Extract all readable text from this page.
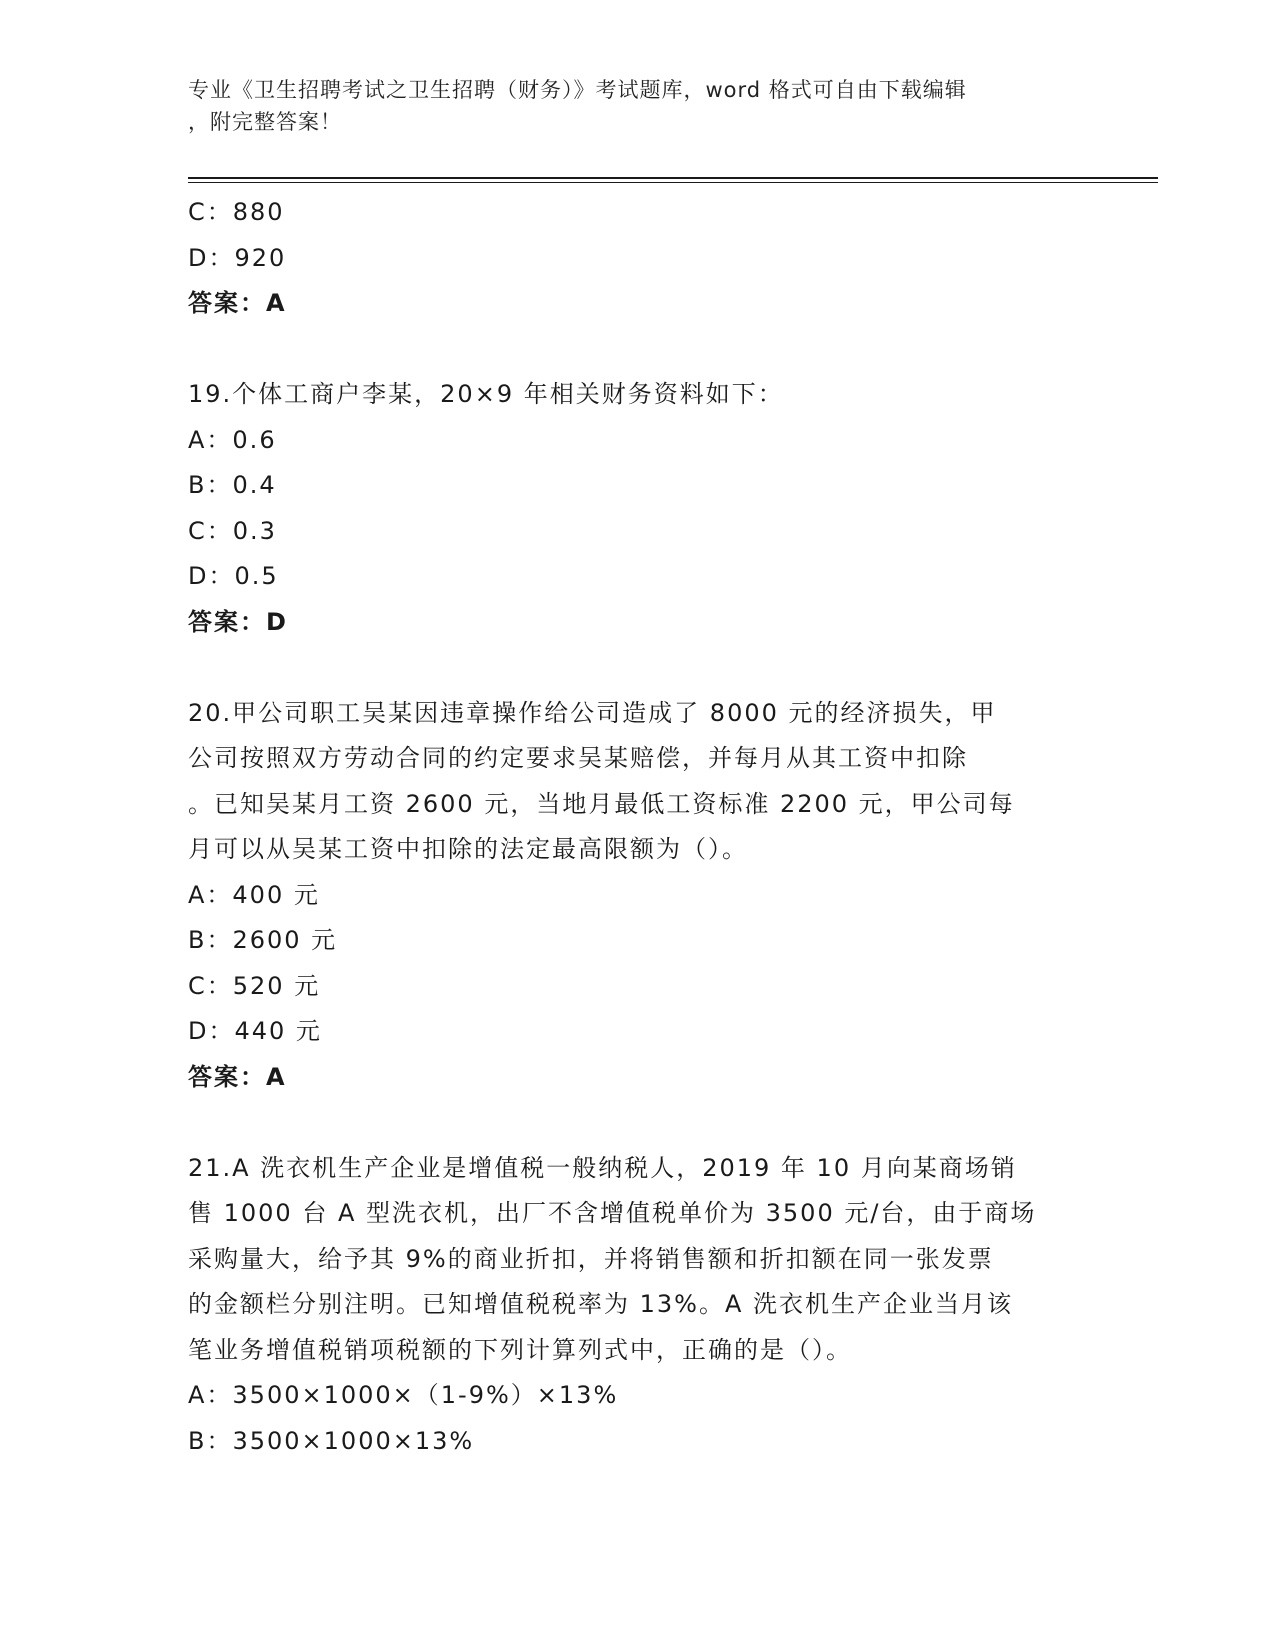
专业《卫生招聘考试之卫生招聘（财务）》考试题库，word 格式可自由下载编辑
，附完整答案！
C：880
D：920
答案：A
19.个体工商户李某，20×9 年相关财务资料如下：
A：0.6
B：0.4
C：0.3
D：0.5
答案：D
20.甲公司职工吴某因违章操作给公司造成了 8000 元的经济损失，甲
公司按照双方劳动合同的约定要求吴某赔偿，并每月从其工资中扣除
。已知吴某月工资 2600 元，当地月最低工资标准 2200 元，甲公司每
月可以从吴某工资中扣除的法定最高限额为（）。
A：400 元
B：2600 元
C：520 元
D：440 元
答案：A
21.A 洗衣机生产企业是增值税一般纳税人，2019 年 10 月向某商场销
售 1000 台 A 型洗衣机，出厂不含增值税单价为 3500 元/台，由于商场
采购量大，给予其 9%的商业折扣，并将销售额和折扣额在同一张发票
的金额栏分别注明。已知增值税税率为 13%。A 洗衣机生产企业当月该
笔业务增值税销项税额的下列计算列式中，正确的是（）。
A：3500×1000×（1-9%）×13%
B：3500×1000×13%
